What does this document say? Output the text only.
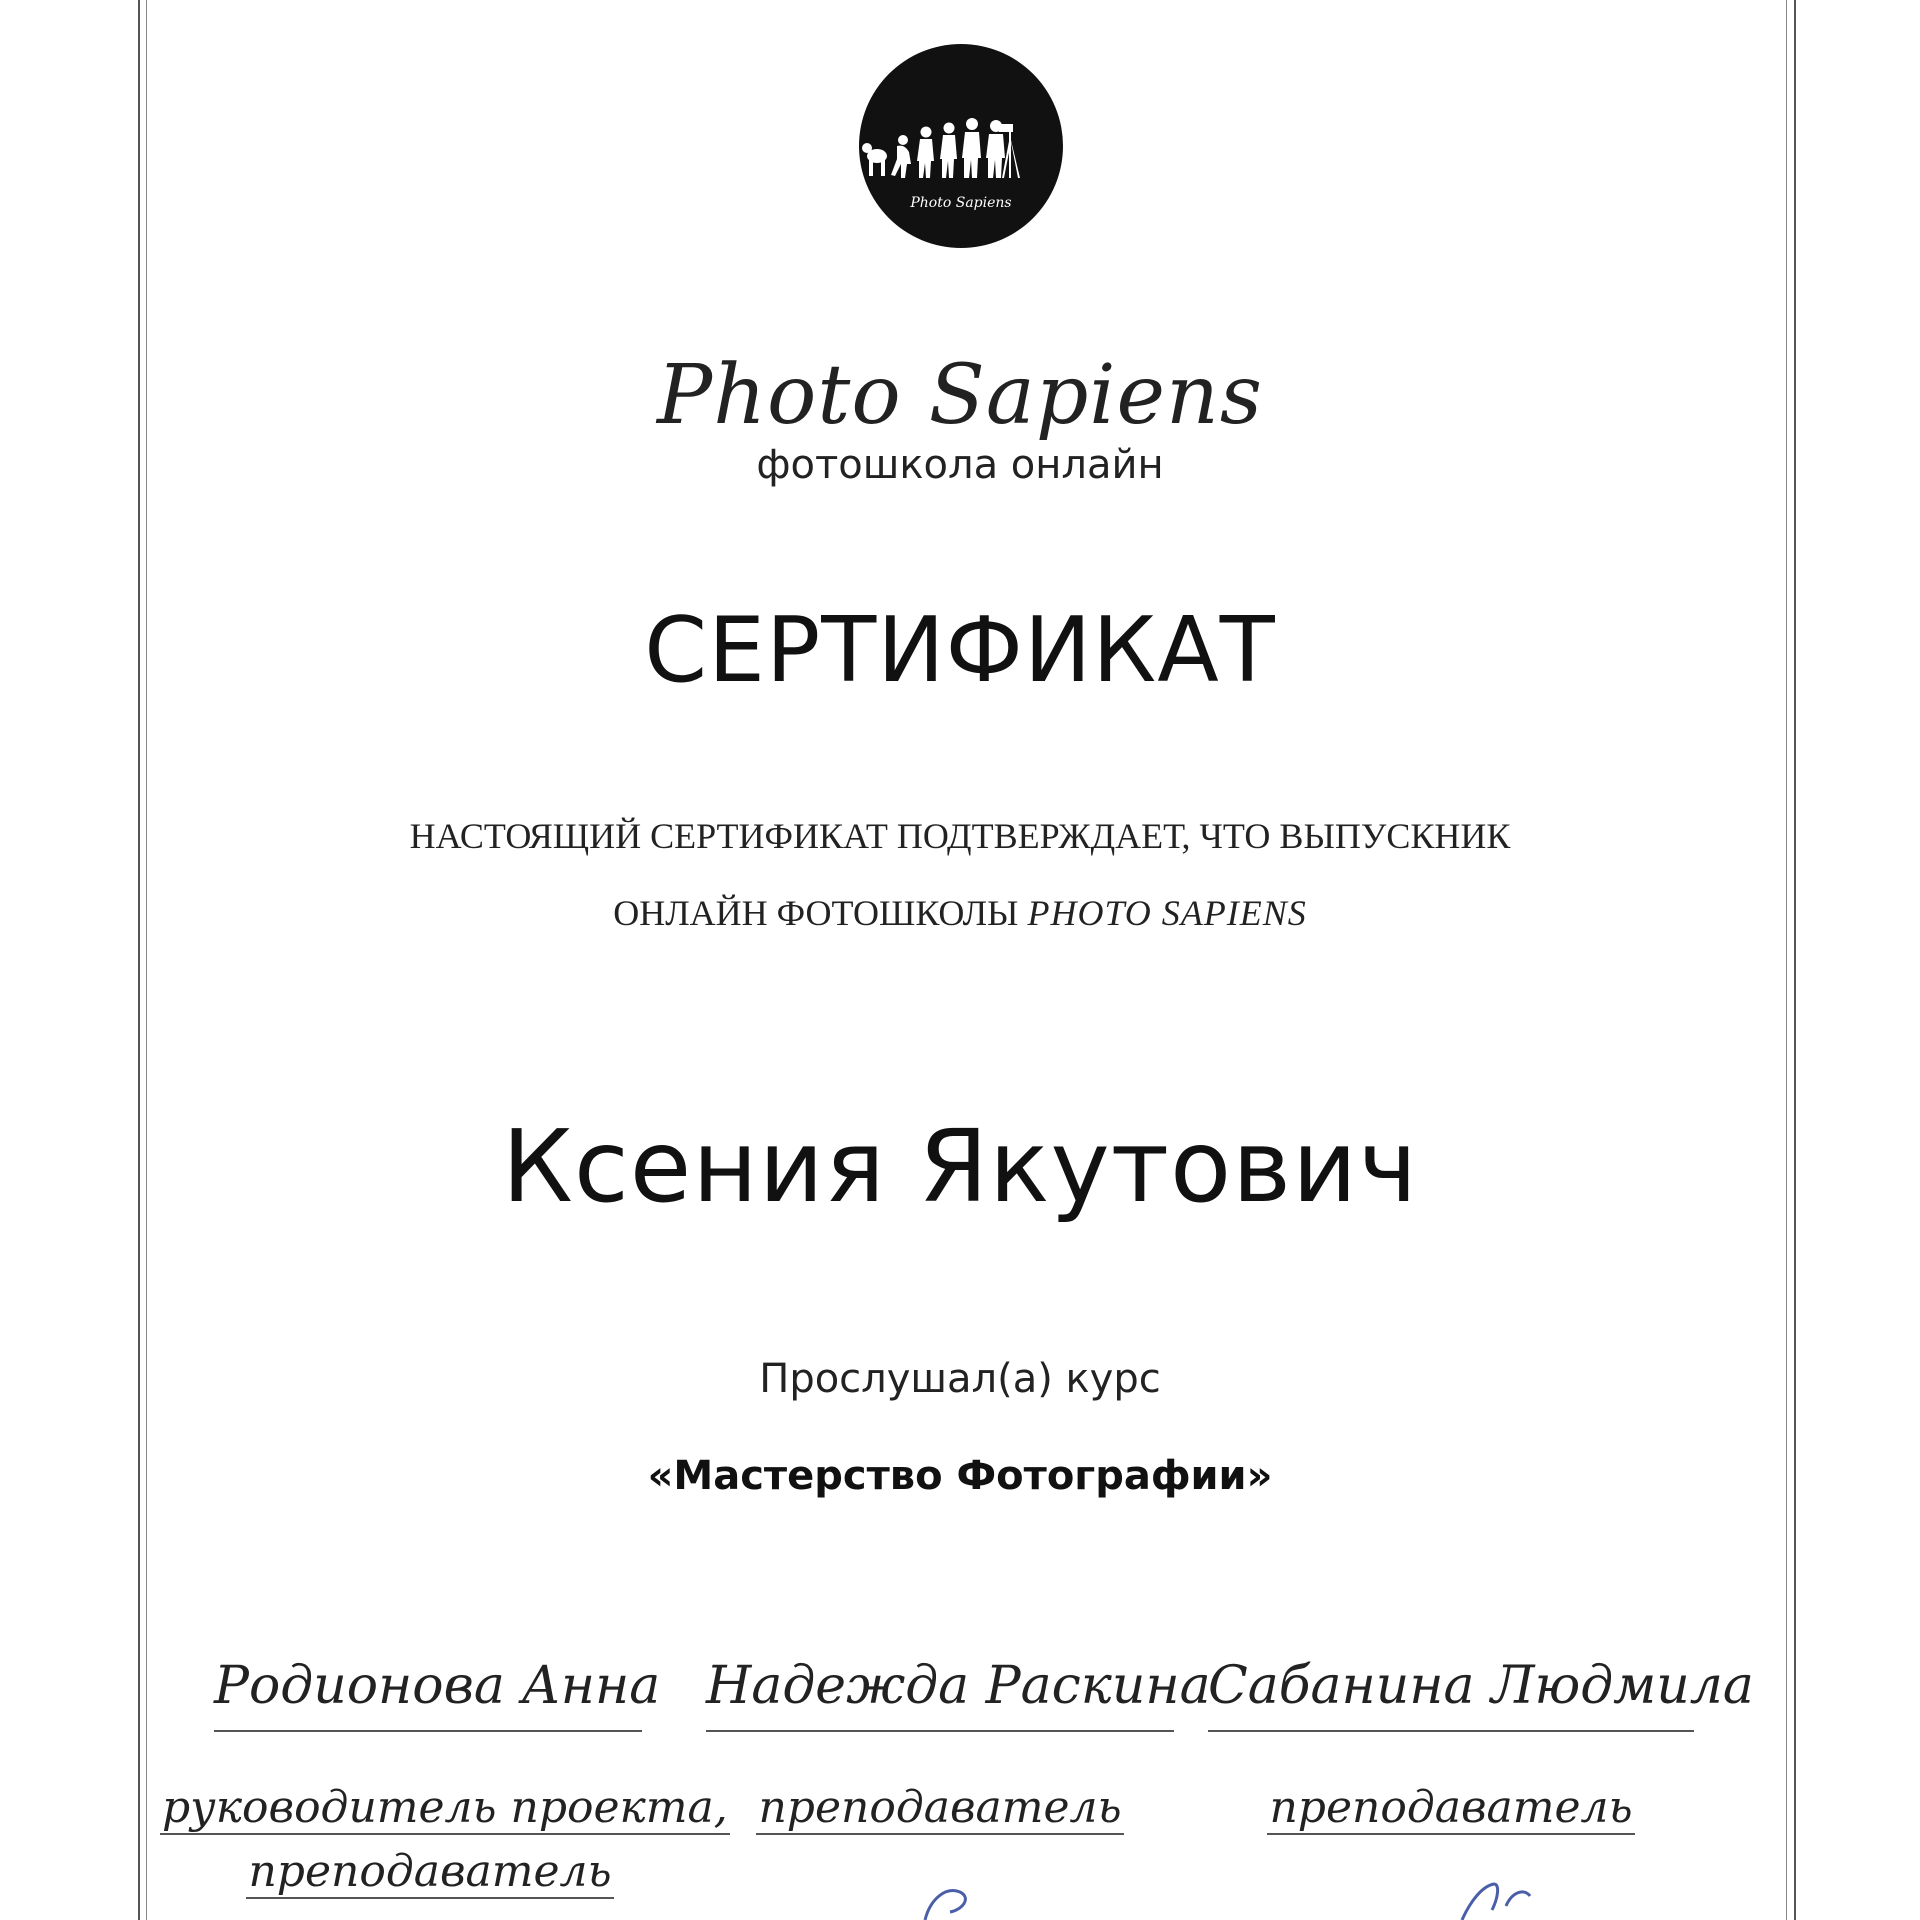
Photo Sapiens
Photo Sapiens
фотошкола онлайн
СЕРТИФИКАТ
НАСТОЯЩИЙ СЕРТИФИКАТ ПОДТВЕРЖДАЕТ, ЧТО ВЫПУСКНИК
ОНЛАЙН ФОТОШКОЛЫ PHOTO SAPIENS
Ксения Якутович
Прослушал(а) курс
«Мастерство Фотографии»
Родионова Анна Надежда Раскина
Сабанина Людмила
руководитель проекта,
преподаватель
преподаватель	преподаватель
